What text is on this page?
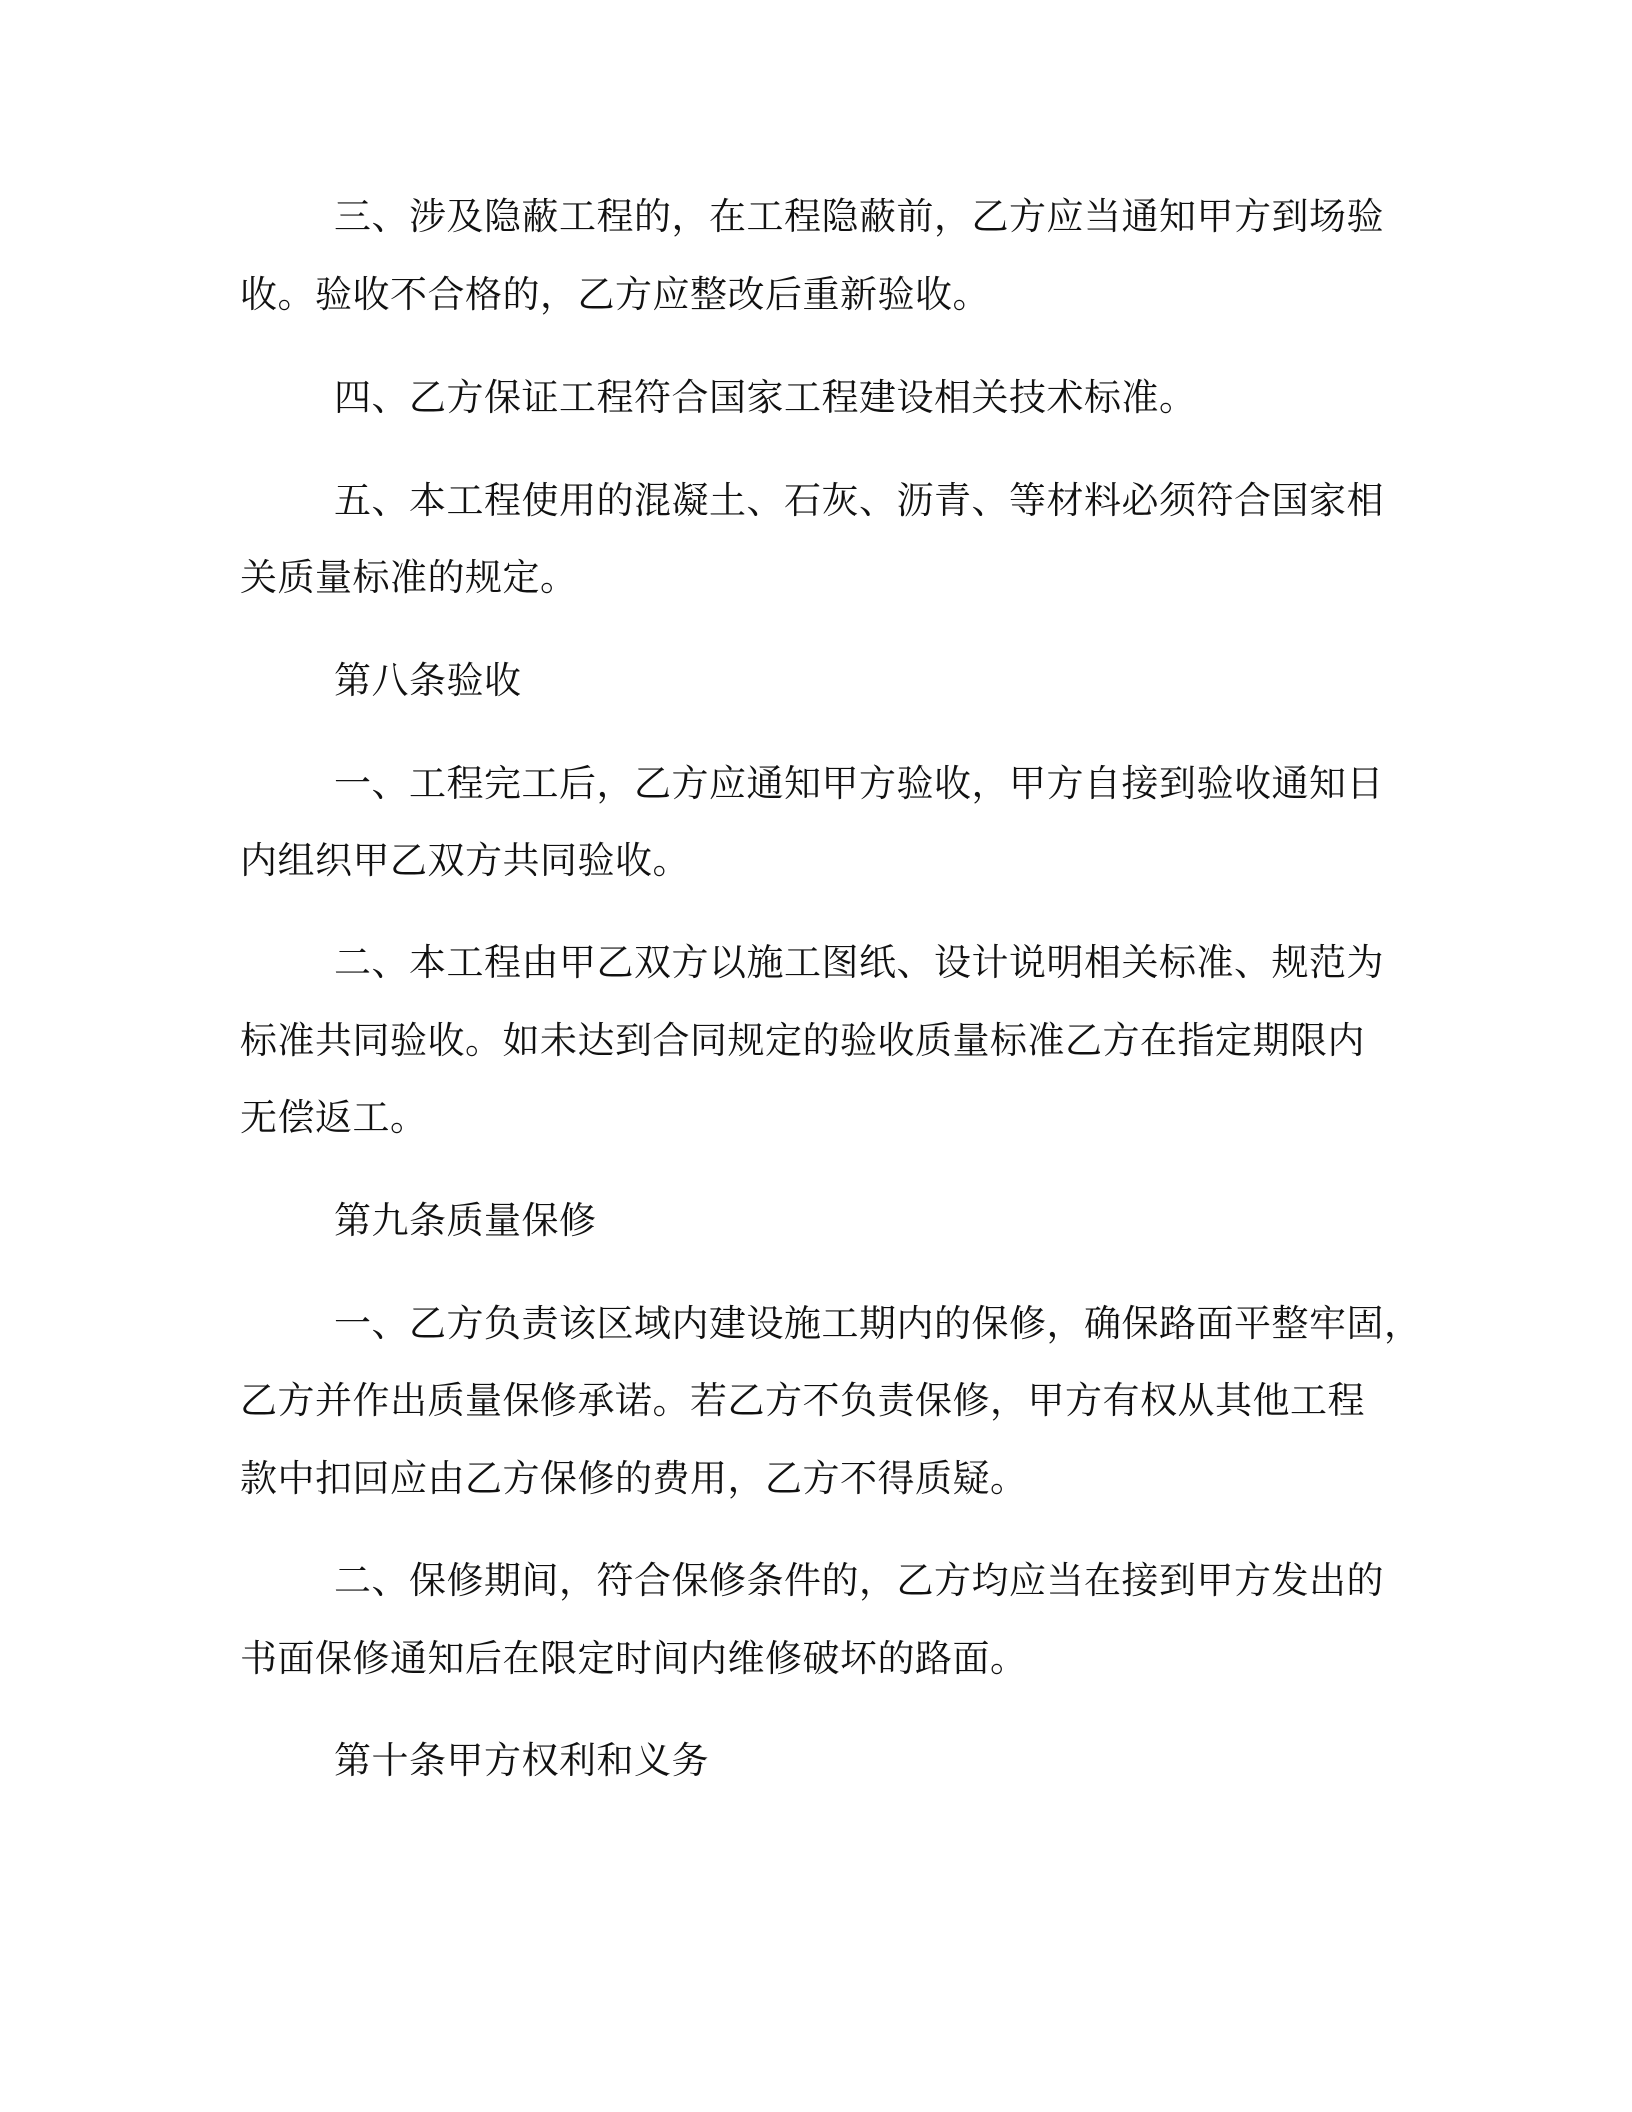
三、涉及隐蔽工程的，在工程隐蔽前，乙方应当通知甲方到场验
收。验收不合格的，乙方应整改后重新验收。
四、乙方保证工程符合国家工程建设相关技术标准。
五、本工程使用的混凝土、石灰、沥青、等材料必须符合国家相
关质量标准的规定。
第八条验收
一、工程完工后，乙方应通知甲方验收，甲方自接到验收通知日
内组织甲乙双方共同验收。
二、本工程由甲乙双方以施工图纸、设计说明相关标准、规范为
标准共同验收。如未达到合同规定的验收质量标准乙方在指定期限内
无偿返工。
第九条质量保修
一、乙方负责该区域内建设施工期内的保修，确保路面平整牢固，
乙方并作出质量保修承诺。若乙方不负责保修，甲方有权从其他工程
款中扣回应由乙方保修的费用，乙方不得质疑。
二、保修期间，符合保修条件的，乙方均应当在接到甲方发出的
书面保修通知后在限定时间内维修破坏的路面。
第十条甲方权利和义务
